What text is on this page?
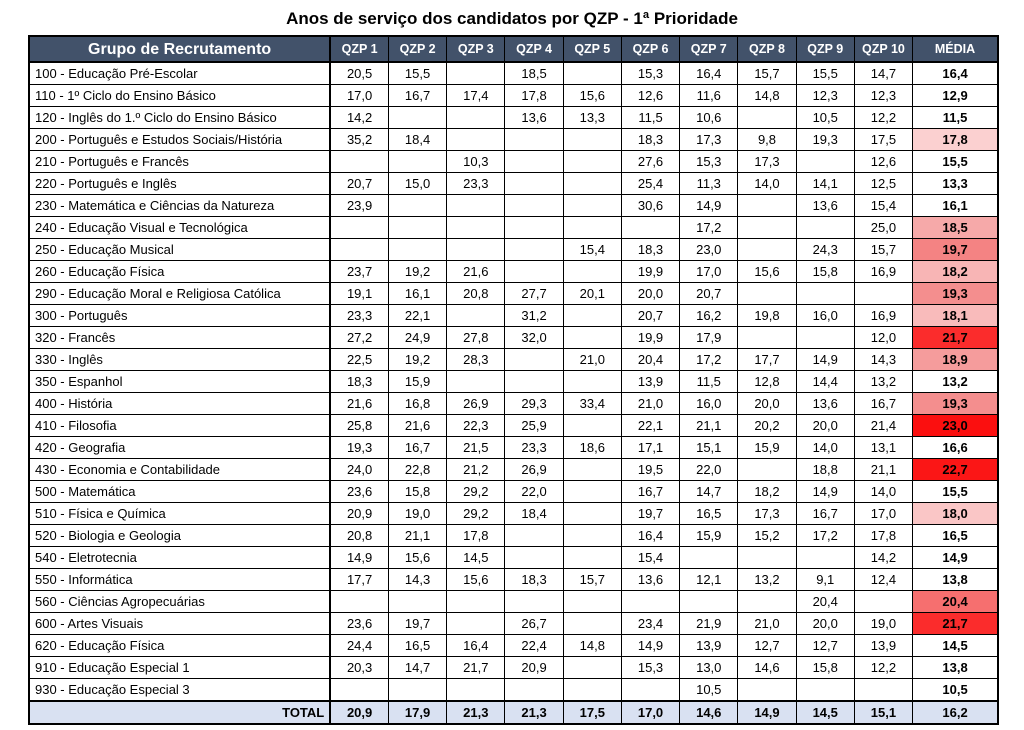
Anos de serviço dos candidatos por QZP - 1ª Prioridade
Grupo de Recrutamento	QZP 1	QZP 2	QZP 3	QZP 4	QZP 5	QZP 6	QZP 7	QZP 8	QZP 9	QZP 10	MÉDIA
100 - Educação Pré-Escolar	20,5	15,5		18,5		15,3	16,4	15,7	15,5	14,7	16,4
110 - 1º Ciclo do Ensino Básico	17,0	16,7	17,4	17,8	15,6	12,6	11,6	14,8	12,3	12,3	12,9
120 - Inglês do 1.º Ciclo do Ensino Básico	14,2			13,6	13,3	11,5	10,6		10,5	12,2	11,5
200 - Português e Estudos Sociais/História	35,2	18,4				18,3	17,3	9,8	19,3	17,5	17,8
210 - Português e Francês			10,3			27,6	15,3	17,3		12,6	15,5
220 - Português e Inglês	20,7	15,0	23,3			25,4	11,3	14,0	14,1	12,5	13,3
230 - Matemática e Ciências da Natureza	23,9					30,6	14,9		13,6	15,4	16,1
240 - Educação Visual e Tecnológica							17,2			25,0	18,5
250 - Educação Musical					15,4	18,3	23,0		24,3	15,7	19,7
260 - Educação Física	23,7	19,2	21,6			19,9	17,0	15,6	15,8	16,9	18,2
290 - Educação Moral e Religiosa Católica	19,1	16,1	20,8	27,7	20,1	20,0	20,7				19,3
300 - Português	23,3	22,1		31,2		20,7	16,2	19,8	16,0	16,9	18,1
320 - Francês	27,2	24,9	27,8	32,0		19,9	17,9			12,0	21,7
330 - Inglês	22,5	19,2	28,3		21,0	20,4	17,2	17,7	14,9	14,3	18,9
350 - Espanhol	18,3	15,9				13,9	11,5	12,8	14,4	13,2	13,2
400 - História	21,6	16,8	26,9	29,3	33,4	21,0	16,0	20,0	13,6	16,7	19,3
410 - Filosofia	25,8	21,6	22,3	25,9		22,1	21,1	20,2	20,0	21,4	23,0
420 - Geografia	19,3	16,7	21,5	23,3	18,6	17,1	15,1	15,9	14,0	13,1	16,6
430 - Economia e Contabilidade	24,0	22,8	21,2	26,9		19,5	22,0		18,8	21,1	22,7
500 - Matemática	23,6	15,8	29,2	22,0		16,7	14,7	18,2	14,9	14,0	15,5
510 - Física e Química	20,9	19,0	29,2	18,4		19,7	16,5	17,3	16,7	17,0	18,0
520 - Biologia e Geologia	20,8	21,1	17,8			16,4	15,9	15,2	17,2	17,8	16,5
540 - Eletrotecnia	14,9	15,6	14,5			15,4				14,2	14,9
550 - Informática	17,7	14,3	15,6	18,3	15,7	13,6	12,1	13,2	9,1	12,4	13,8
560 - Ciências Agropecuárias									20,4		20,4
600 - Artes Visuais	23,6	19,7		26,7		23,4	21,9	21,0	20,0	19,0	21,7
620 - Educação Física	24,4	16,5	16,4	22,4	14,8	14,9	13,9	12,7	12,7	13,9	14,5
910 - Educação Especial 1	20,3	14,7	21,7	20,9		15,3	13,0	14,6	15,8	12,2	13,8
930 - Educação Especial 3							10,5				10,5
TOTAL	20,9	17,9	21,3	21,3	17,5	17,0	14,6	14,9	14,5	15,1	16,2
